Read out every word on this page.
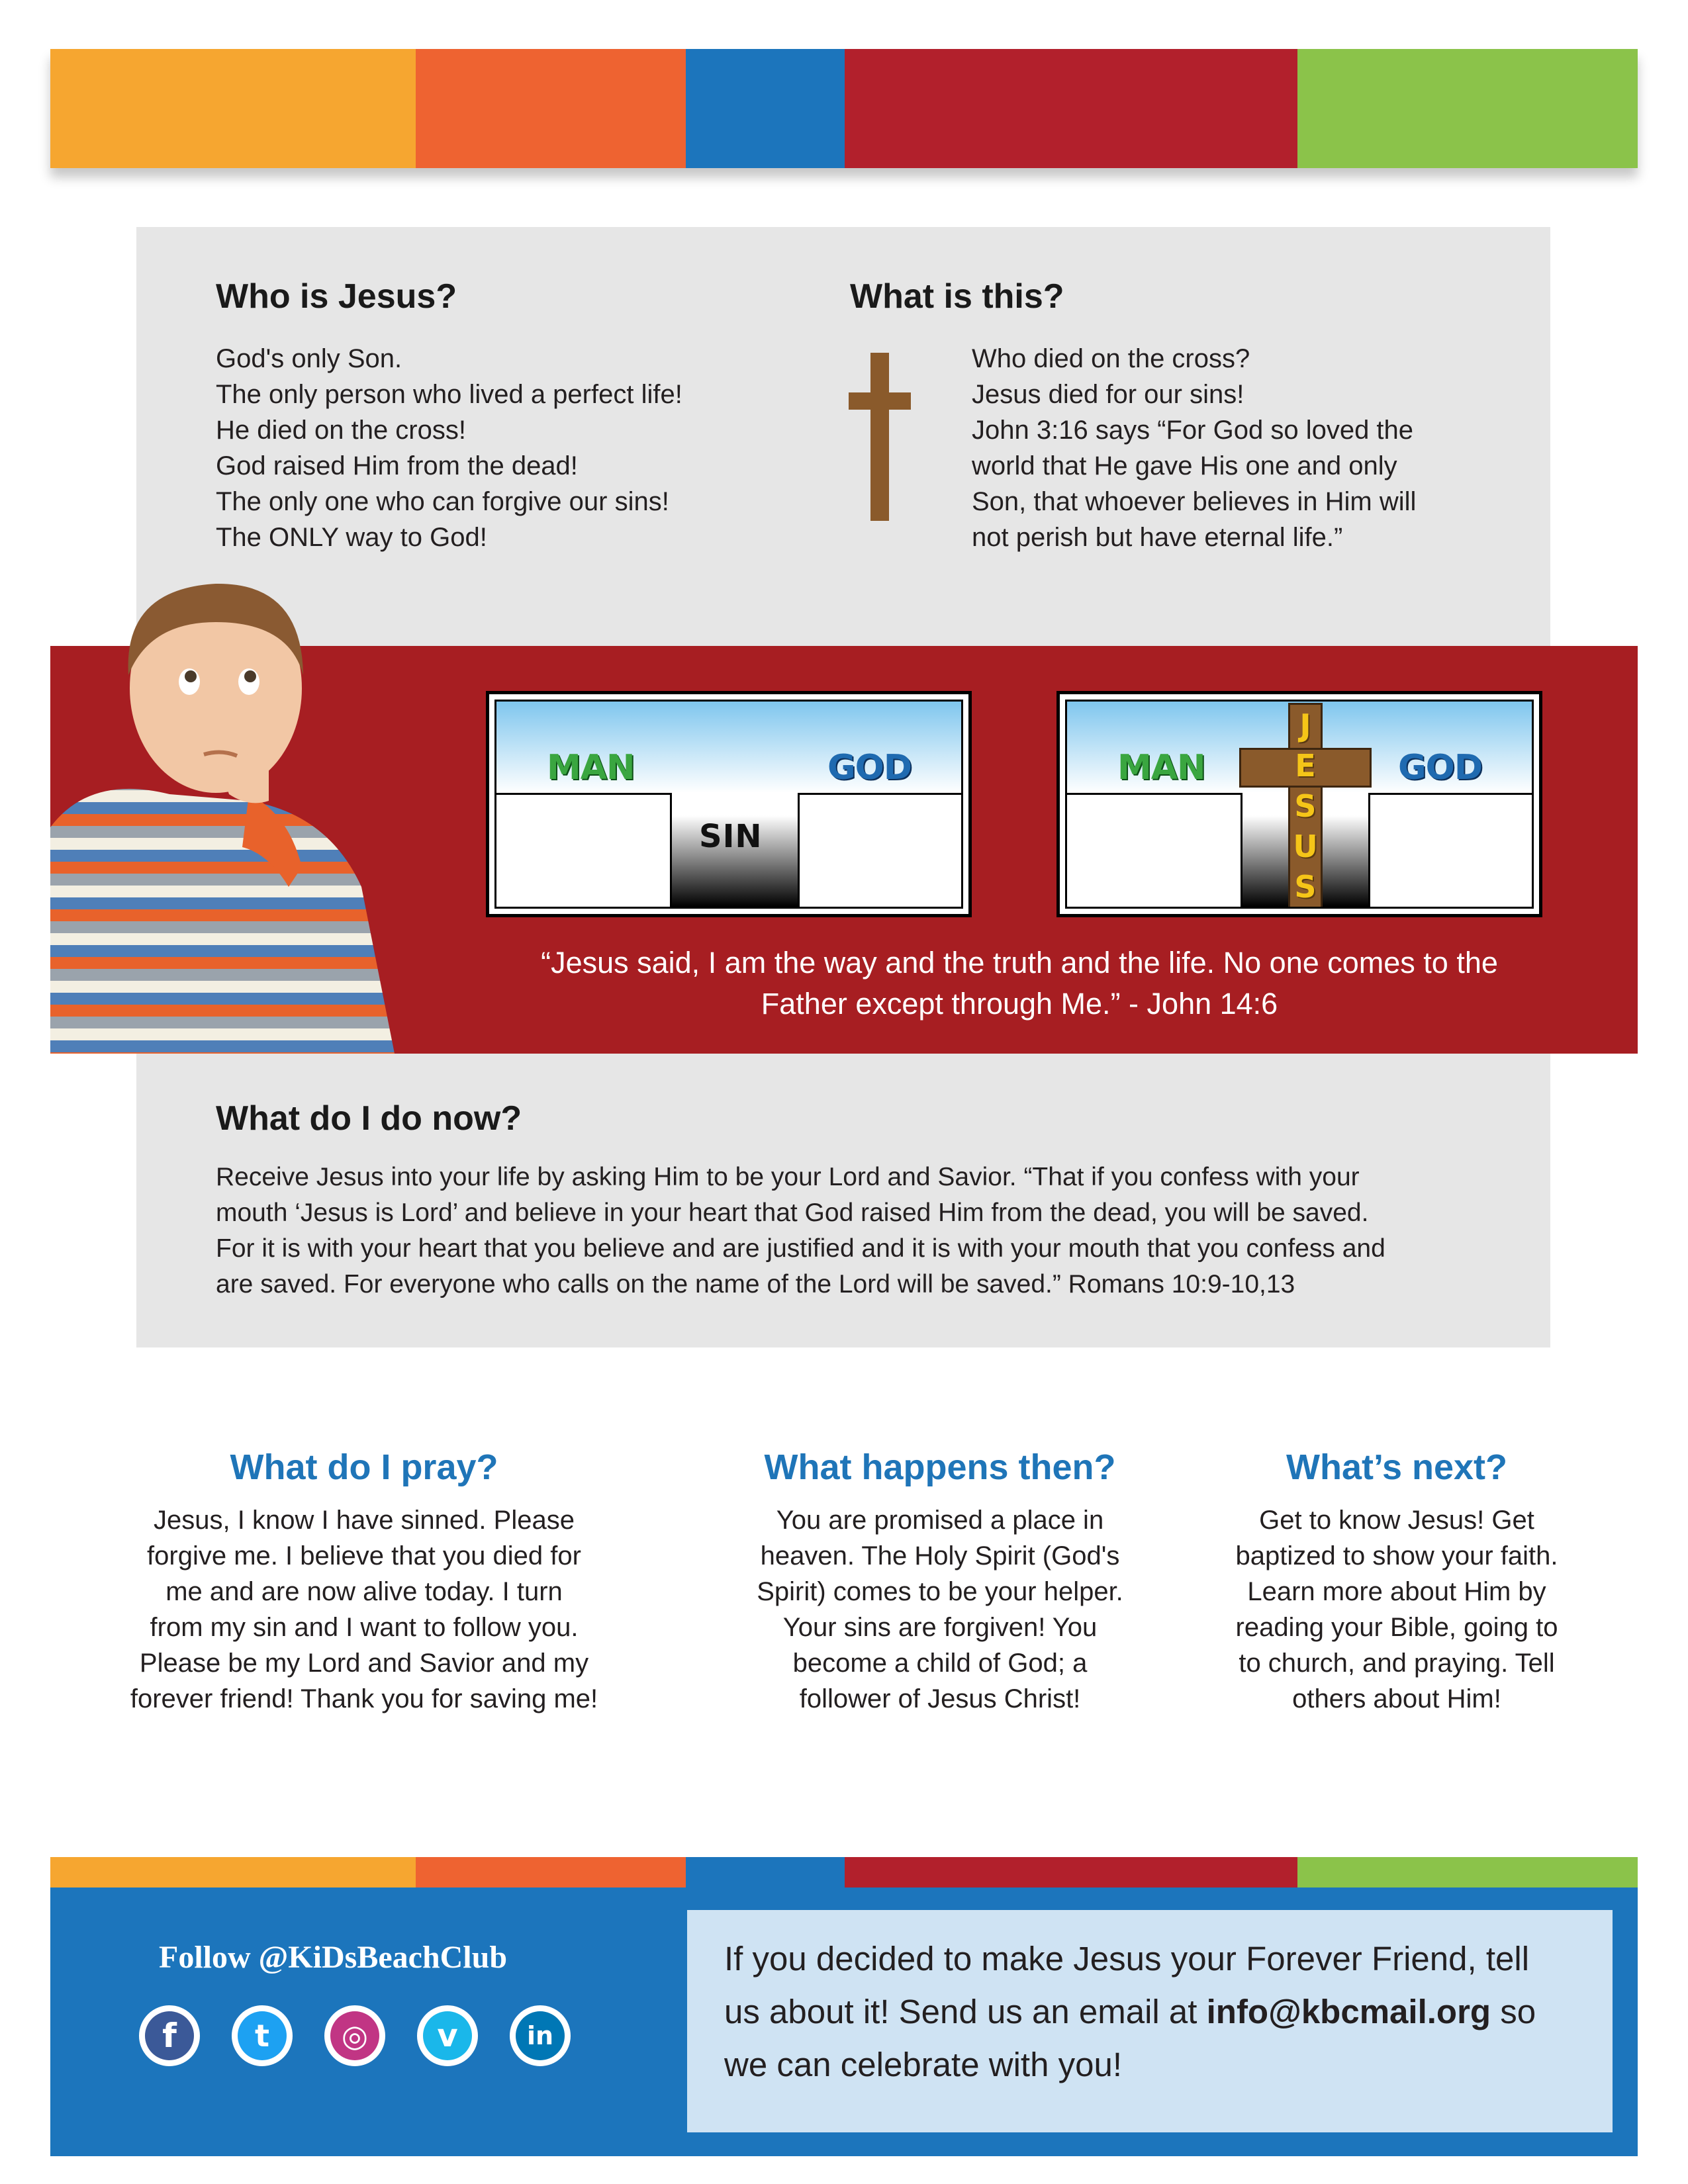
Who is Jesus?
God's only Son.
The only person who lived a perfect life!
He died on the cross!
God raised Him from the dead!
The only one who can forgive our sins!
The ONLY way to God!
What is this?
Who died on the cross?
Jesus died for our sins!
John 3:16 says “For God so loved the
world that He gave His one and only
Son, that whoever believes in Him will
not perish but have eternal life.”
MAN	GOD
SIN
MAN	GOD
J
E
S
U
S
“Jesus said, I am the way and the truth and the life. No one comes to the
Father except through Me.” - John 14:6
What do I do now?
Receive Jesus into your life by asking Him to be your Lord and Savior. “That if you confess with your
mouth ‘Jesus is Lord’ and believe in your heart that God raised Him from the dead, you will be saved.
For it is with your heart that you believe and are justified and it is with your mouth that you confess and
are saved. For everyone who calls on the name of the Lord will be saved.” Romans 10:9-10,13
What do I pray?
Jesus, I know I have sinned. Please
forgive me. I believe that you died for
me and are now alive today. I turn
from my sin and I want to follow you.
Please be my Lord and Savior and my
forever friend! Thank you for saving me!
What happens then?
You are promised a place in
heaven. The Holy Spirit (God's
Spirit) comes to be your helper.
Your sins are forgiven! You
become a child of God; a
follower of Jesus Christ!
What’s next?
Get to know Jesus! Get
baptized to show your faith.
Learn more about Him by
reading your Bible, going to
to church, and praying. Tell
others about Him!
Follow @KiDsBeachClub
f	t	◎	v	in

If you decided to make Jesus your Forever Friend, tell

us about it! Send us an email at info@kbcmail.org so

we can celebrate with you!
